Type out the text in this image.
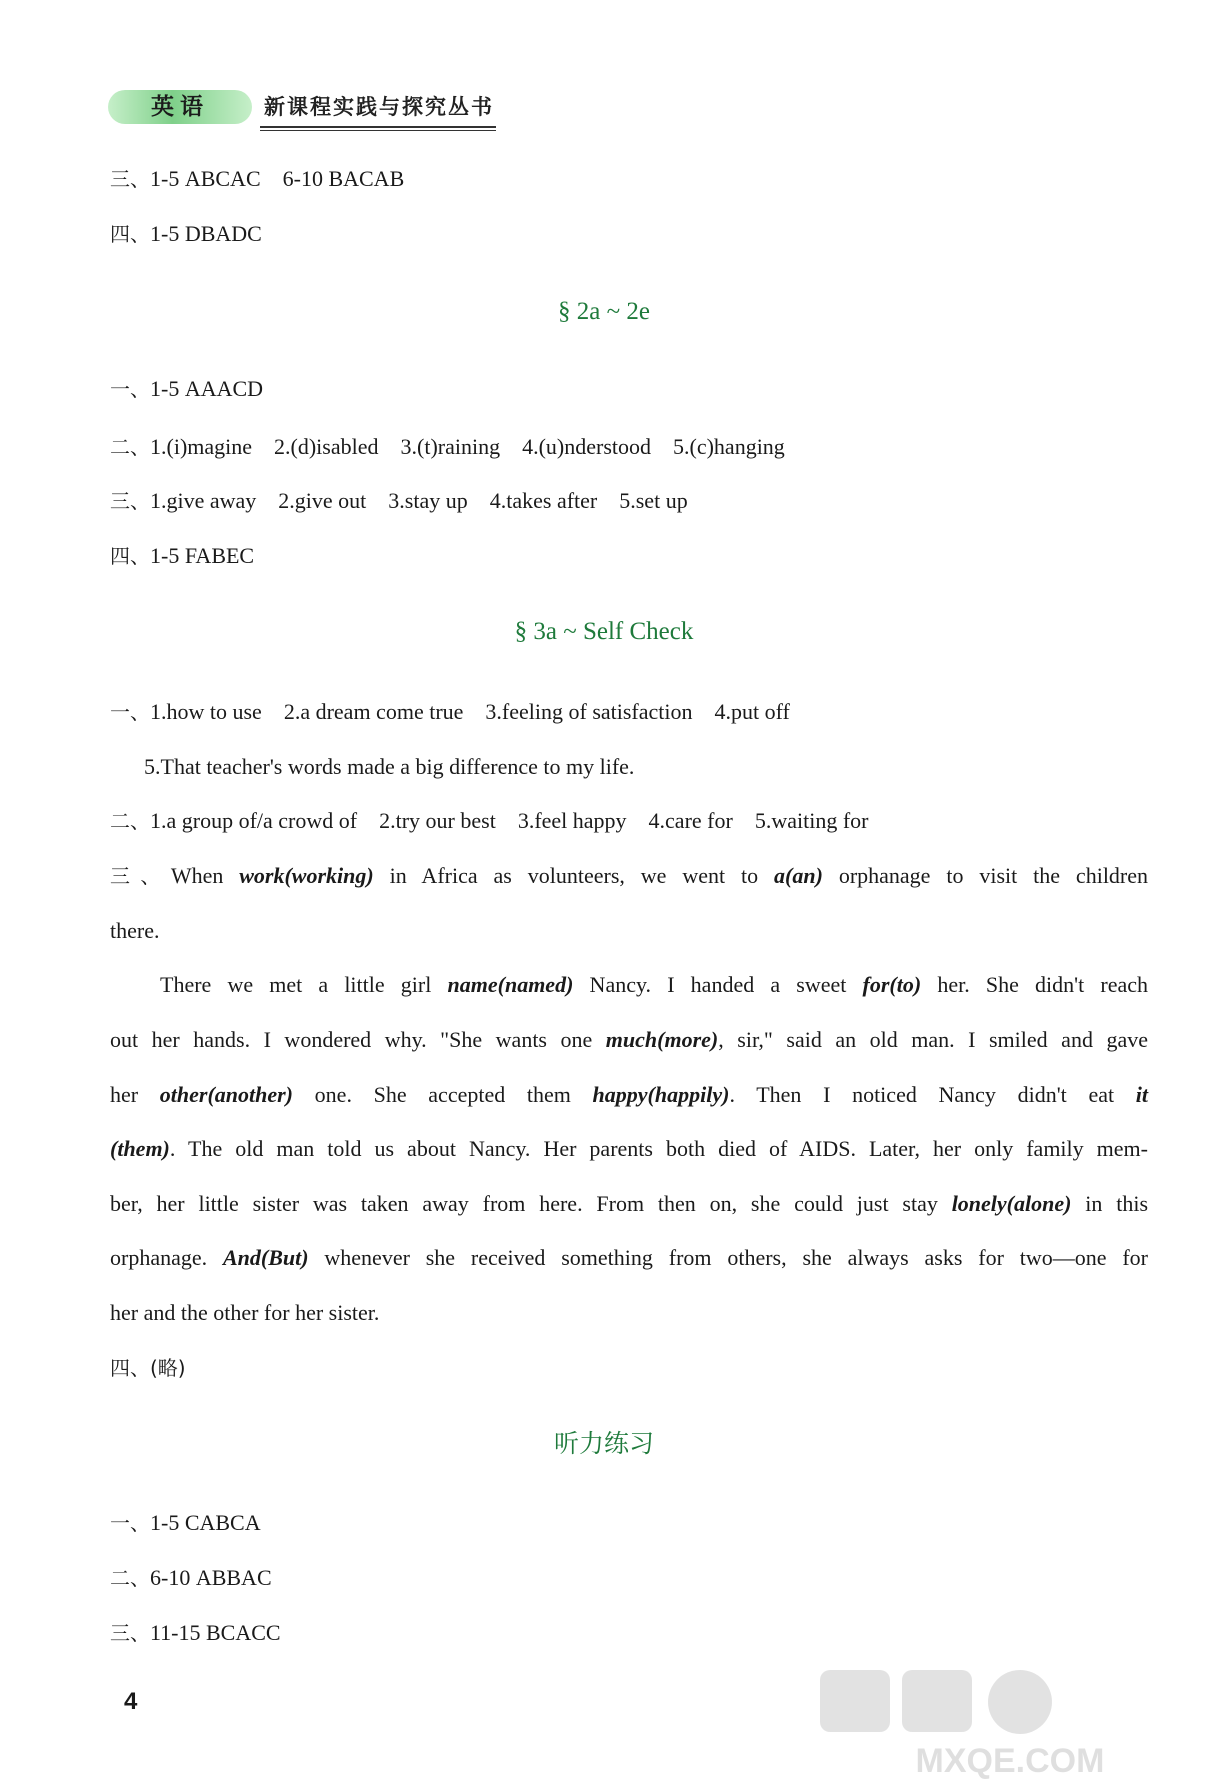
英语	新课程实践与探究丛书
三、1-5 ABCAC 6-10 BACAB
四、1-5 DBADC
§ 2a ~ 2e
一、1-5 AAACD
二、1.(i)magine 2.(d)isabled 3.(t)raining 4.(u)nderstood 5.(c)hanging
三、1.give away 2.give out 3.stay up 4.takes after 5.set up
四、1-5 FABEC
§ 3a ~ Self Check
一、1.how to use 2.a dream come true 3.feeling of satisfaction 4.put off
5.That teacher's words made a big difference to my life.
二、1.a group of/a crowd of 2.try our best 3.feel happy 4.care for 5.waiting for
三、When work(working) in Africa as volunteers, we went to a(an) orphanage to visit the children
there.
There we met a little girl name(named) Nancy. I handed a sweet for(to) her. She didn't reach
out her hands. I wondered why. "She wants one much(more), sir," said an old man. I smiled and gave
her other(another) one. She accepted them happy(happily). Then I noticed Nancy didn't eat it
(them). The old man told us about Nancy. Her parents both died of AIDS. Later, her only family mem-
ber, her little sister was taken away from here. From then on, she could just stay lonely(alone) in this
orphanage. And(But) whenever she received something from others, she always asks for two—one for
her and the other for her sister.
四、(略)
听力练习
一、1-5 CABCA
二、6-10 ABBAC
三、11-15 BCACC
4
MXQE.COM
